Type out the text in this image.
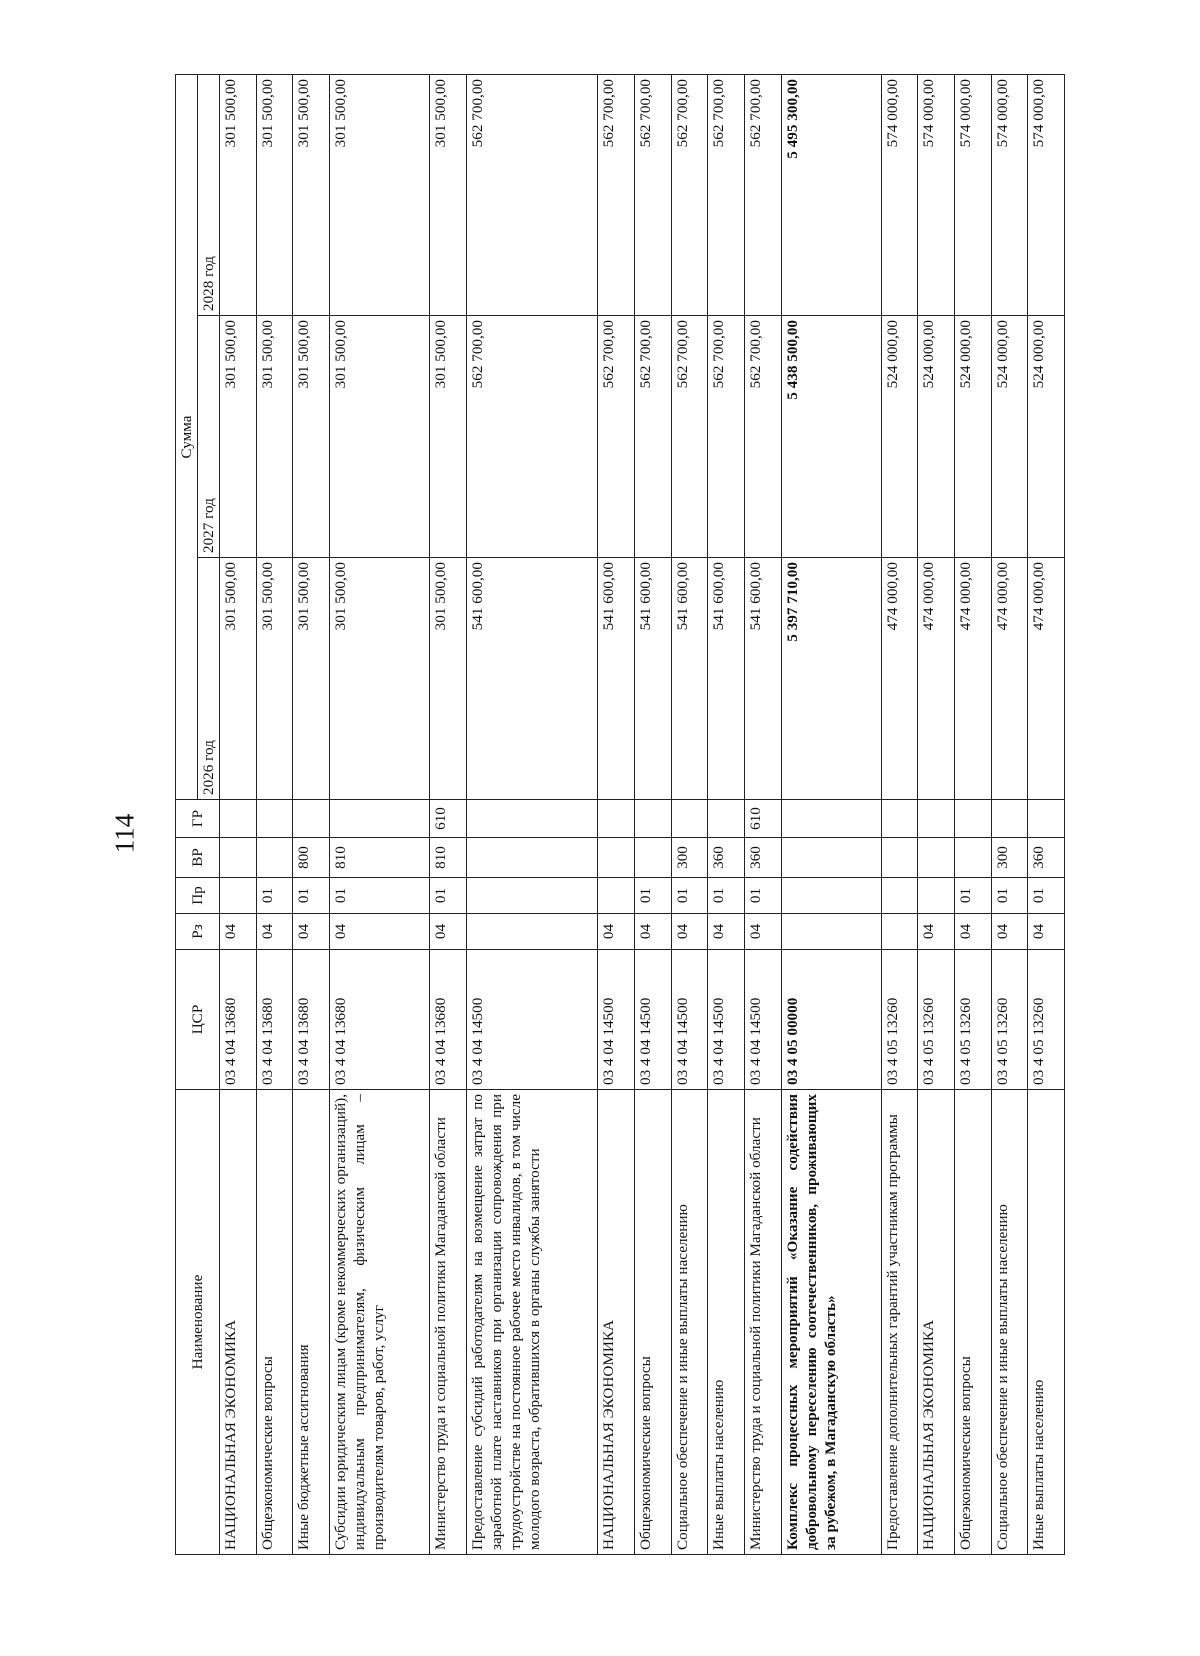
114
Наименование	ЦСР	Рз	Пр	ВР	ГР	Сумма		
						2026 год	2027 год	2028 год
НАЦИОНАЛЬНАЯ ЭКОНОМИКА	03 4 04 13680	04				301 500,00	301 500,00	301 500,00
Общеэкономические вопросы	03 4 04 13680	04	01			301 500,00	301 500,00	301 500,00
Иные бюджетные ассигнования	03 4 04 13680	04	01	800		301 500,00	301 500,00	301 500,00
Субсидии юридическим лицам (кроме некоммерческих организаций), индивидуальным предпринимателям, физическим лицам – производителям товаров, работ, услуг	03 4 04 13680	04	01	810		301 500,00	301 500,00	301 500,00
Министерство труда и социальной политики Магаданской области	03 4 04 13680	04	01	810	610	301 500,00	301 500,00	301 500,00
Предоставление субсидий работодателям на возмещение затрат по заработной плате наставников при организации сопровождения при трудоустройстве на постоянное рабочее место инвалидов, в том числе молодого возраста, обратившихся в органы службы занятости	03 4 04 14500					541 600,00	562 700,00	562 700,00
НАЦИОНАЛЬНАЯ ЭКОНОМИКА	03 4 04 14500	04				541 600,00	562 700,00	562 700,00
Общеэкономические вопросы	03 4 04 14500	04	01			541 600,00	562 700,00	562 700,00
Социальное обеспечение и иные выплаты населению	03 4 04 14500	04	01	300		541 600,00	562 700,00	562 700,00
Иные выплаты населению	03 4 04 14500	04	01	360		541 600,00	562 700,00	562 700,00
Министерство труда и социальной политики Магаданской области	03 4 04 14500	04	01	360	610	541 600,00	562 700,00	562 700,00
Комплекс процессных мероприятий «Оказание содействия добровольному переселению соотечественников, проживающих за рубежом, в Магаданскую область»	03 4 05 00000					5 397 710,00	5 438 500,00	5 495 300,00
Предоставление дополнительных гарантий участникам программы	03 4 05 13260					474 000,00	524 000,00	574 000,00
НАЦИОНАЛЬНАЯ ЭКОНОМИКА	03 4 05 13260	04				474 000,00	524 000,00	574 000,00
Общеэкономические вопросы	03 4 05 13260	04	01			474 000,00	524 000,00	574 000,00
Социальное обеспечение и иные выплаты населению	03 4 05 13260	04	01	300		474 000,00	524 000,00	574 000,00
Иные выплаты населению	03 4 05 13260	04	01	360		474 000,00	524 000,00	574 000,00
